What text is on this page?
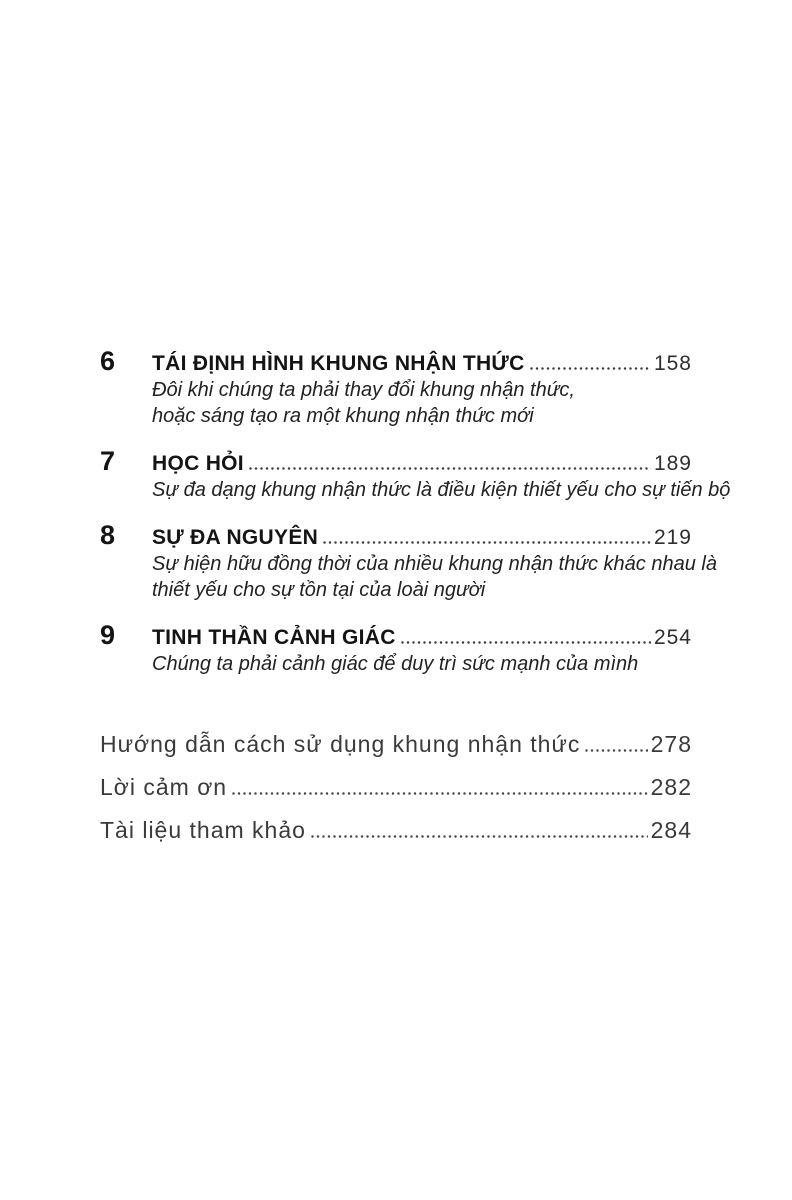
6	TÁI ĐỊNH HÌNH KHUNG NHẬN THỨC	158
Đôi khi chúng ta phải thay đổi khung nhận thức,
hoặc sáng tạo ra một khung nhận thức mới
7	HỌC HỎI	189
Sự đa dạng khung nhận thức là điều kiện thiết yếu cho sự tiến bộ
8	SỰ ĐA NGUYÊN	219
Sự hiện hữu đồng thời của nhiều khung nhận thức khác nhau là
thiết yếu cho sự tồn tại của loài người
9	TINH THẦN CẢNH GIÁC	254
Chúng ta phải cảnh giác để duy trì sức mạnh của mình
Hướng dẫn cách sử dụng khung nhận thức	278
Lời cảm ơn	282
Tài liệu tham khảo	284
